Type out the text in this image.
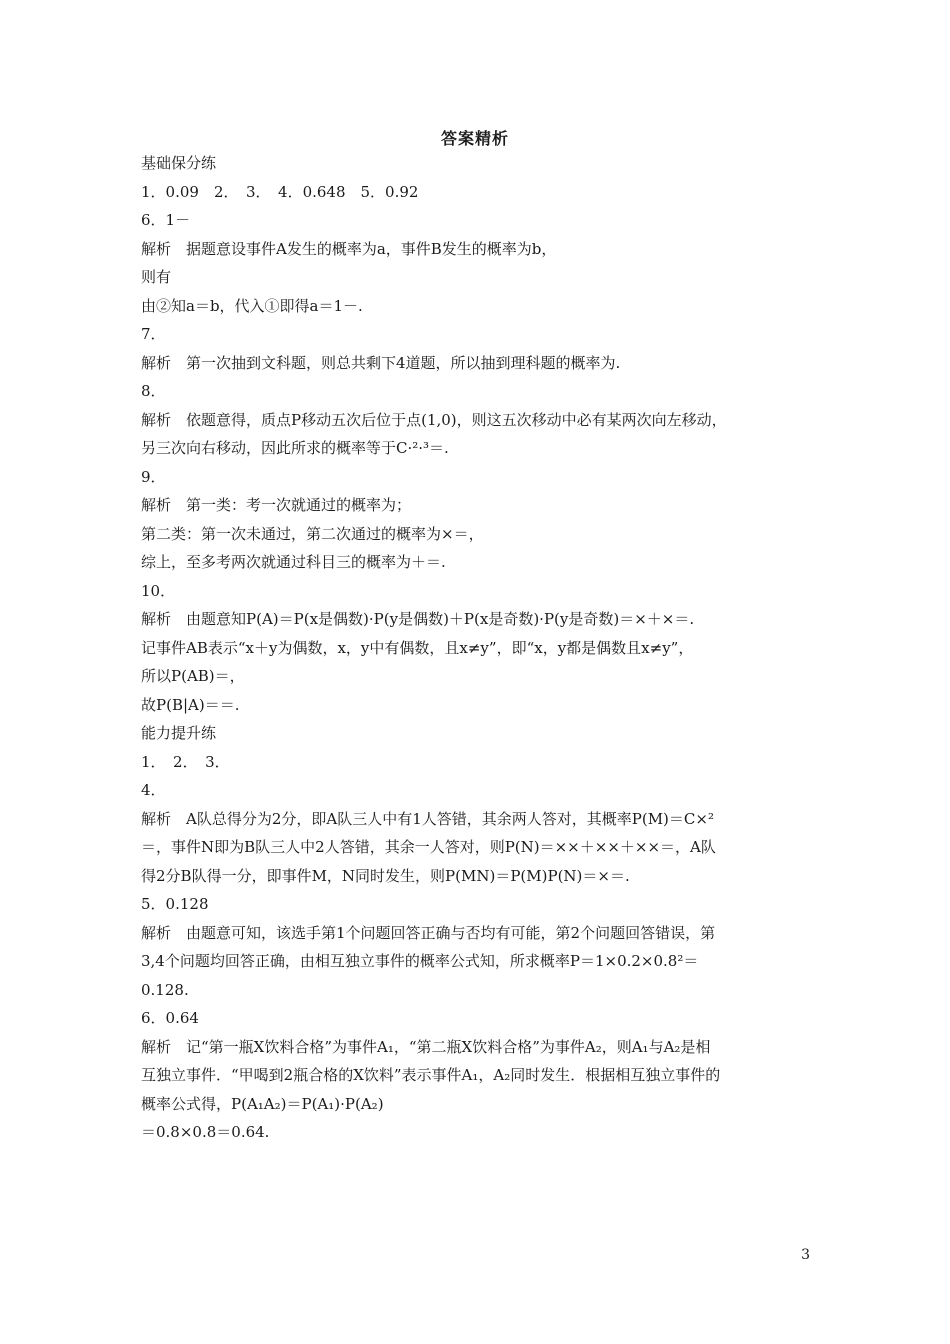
答案精析
基础保分练
1．0.09　2．　3．　4．0.648　5．0.92
6．1－
解析　据题意设事件A发生的概率为a，事件B发生的概率为b，
则有
由②知a＝b，代入①即得a＝1－.
7．
解析　第一次抽到文科题，则总共剩下4道题，所以抽到理科题的概率为.
8．
解析　依题意得，质点P移动五次后位于点(1,0)，则这五次移动中必有某两次向左移动，
另三次向右移动，因此所求的概率等于C·²·³＝.
9．
解析　第一类：考一次就通过的概率为；
第二类：第一次未通过，第二次通过的概率为×＝，
综上，至多考两次就通过科目三的概率为＋＝.
10．
解析　由题意知P(A)＝P(x是偶数)·P(y是偶数)＋P(x是奇数)·P(y是奇数)＝×＋×＝.
记事件AB表示“x＋y为偶数，x，y中有偶数，且x≠y”，即“x，y都是偶数且x≠y”，
所以P(AB)＝，
故P(B|A)＝＝.
能力提升练
1．　2．　3．
4．
解析　A队总得分为2分，即A队三人中有1人答错，其余两人答对，其概率P(M)＝C×²
＝，事件N即为B队三人中2人答错，其余一人答对，则P(N)＝××＋××＋××＝，A队
得2分B队得一分，即事件M，N同时发生，则P(MN)＝P(M)P(N)＝×＝.
5．0.128
解析　由题意可知，该选手第1个问题回答正确与否均有可能，第2个问题回答错误，第
3,4个问题均回答正确，由相互独立事件的概率公式知，所求概率P＝1×0.2×0.8²＝
0.128.
6．0.64
解析　记“第一瓶X饮料合格”为事件A₁，“第二瓶X饮料合格”为事件A₂，则A₁与A₂是相
互独立事件．“甲喝到2瓶合格的X饮料”表示事件A₁，A₂同时发生．根据相互独立事件的
概率公式得，P(A₁A₂)＝P(A₁)·P(A₂)
＝0.8×0.8＝0.64.
3
